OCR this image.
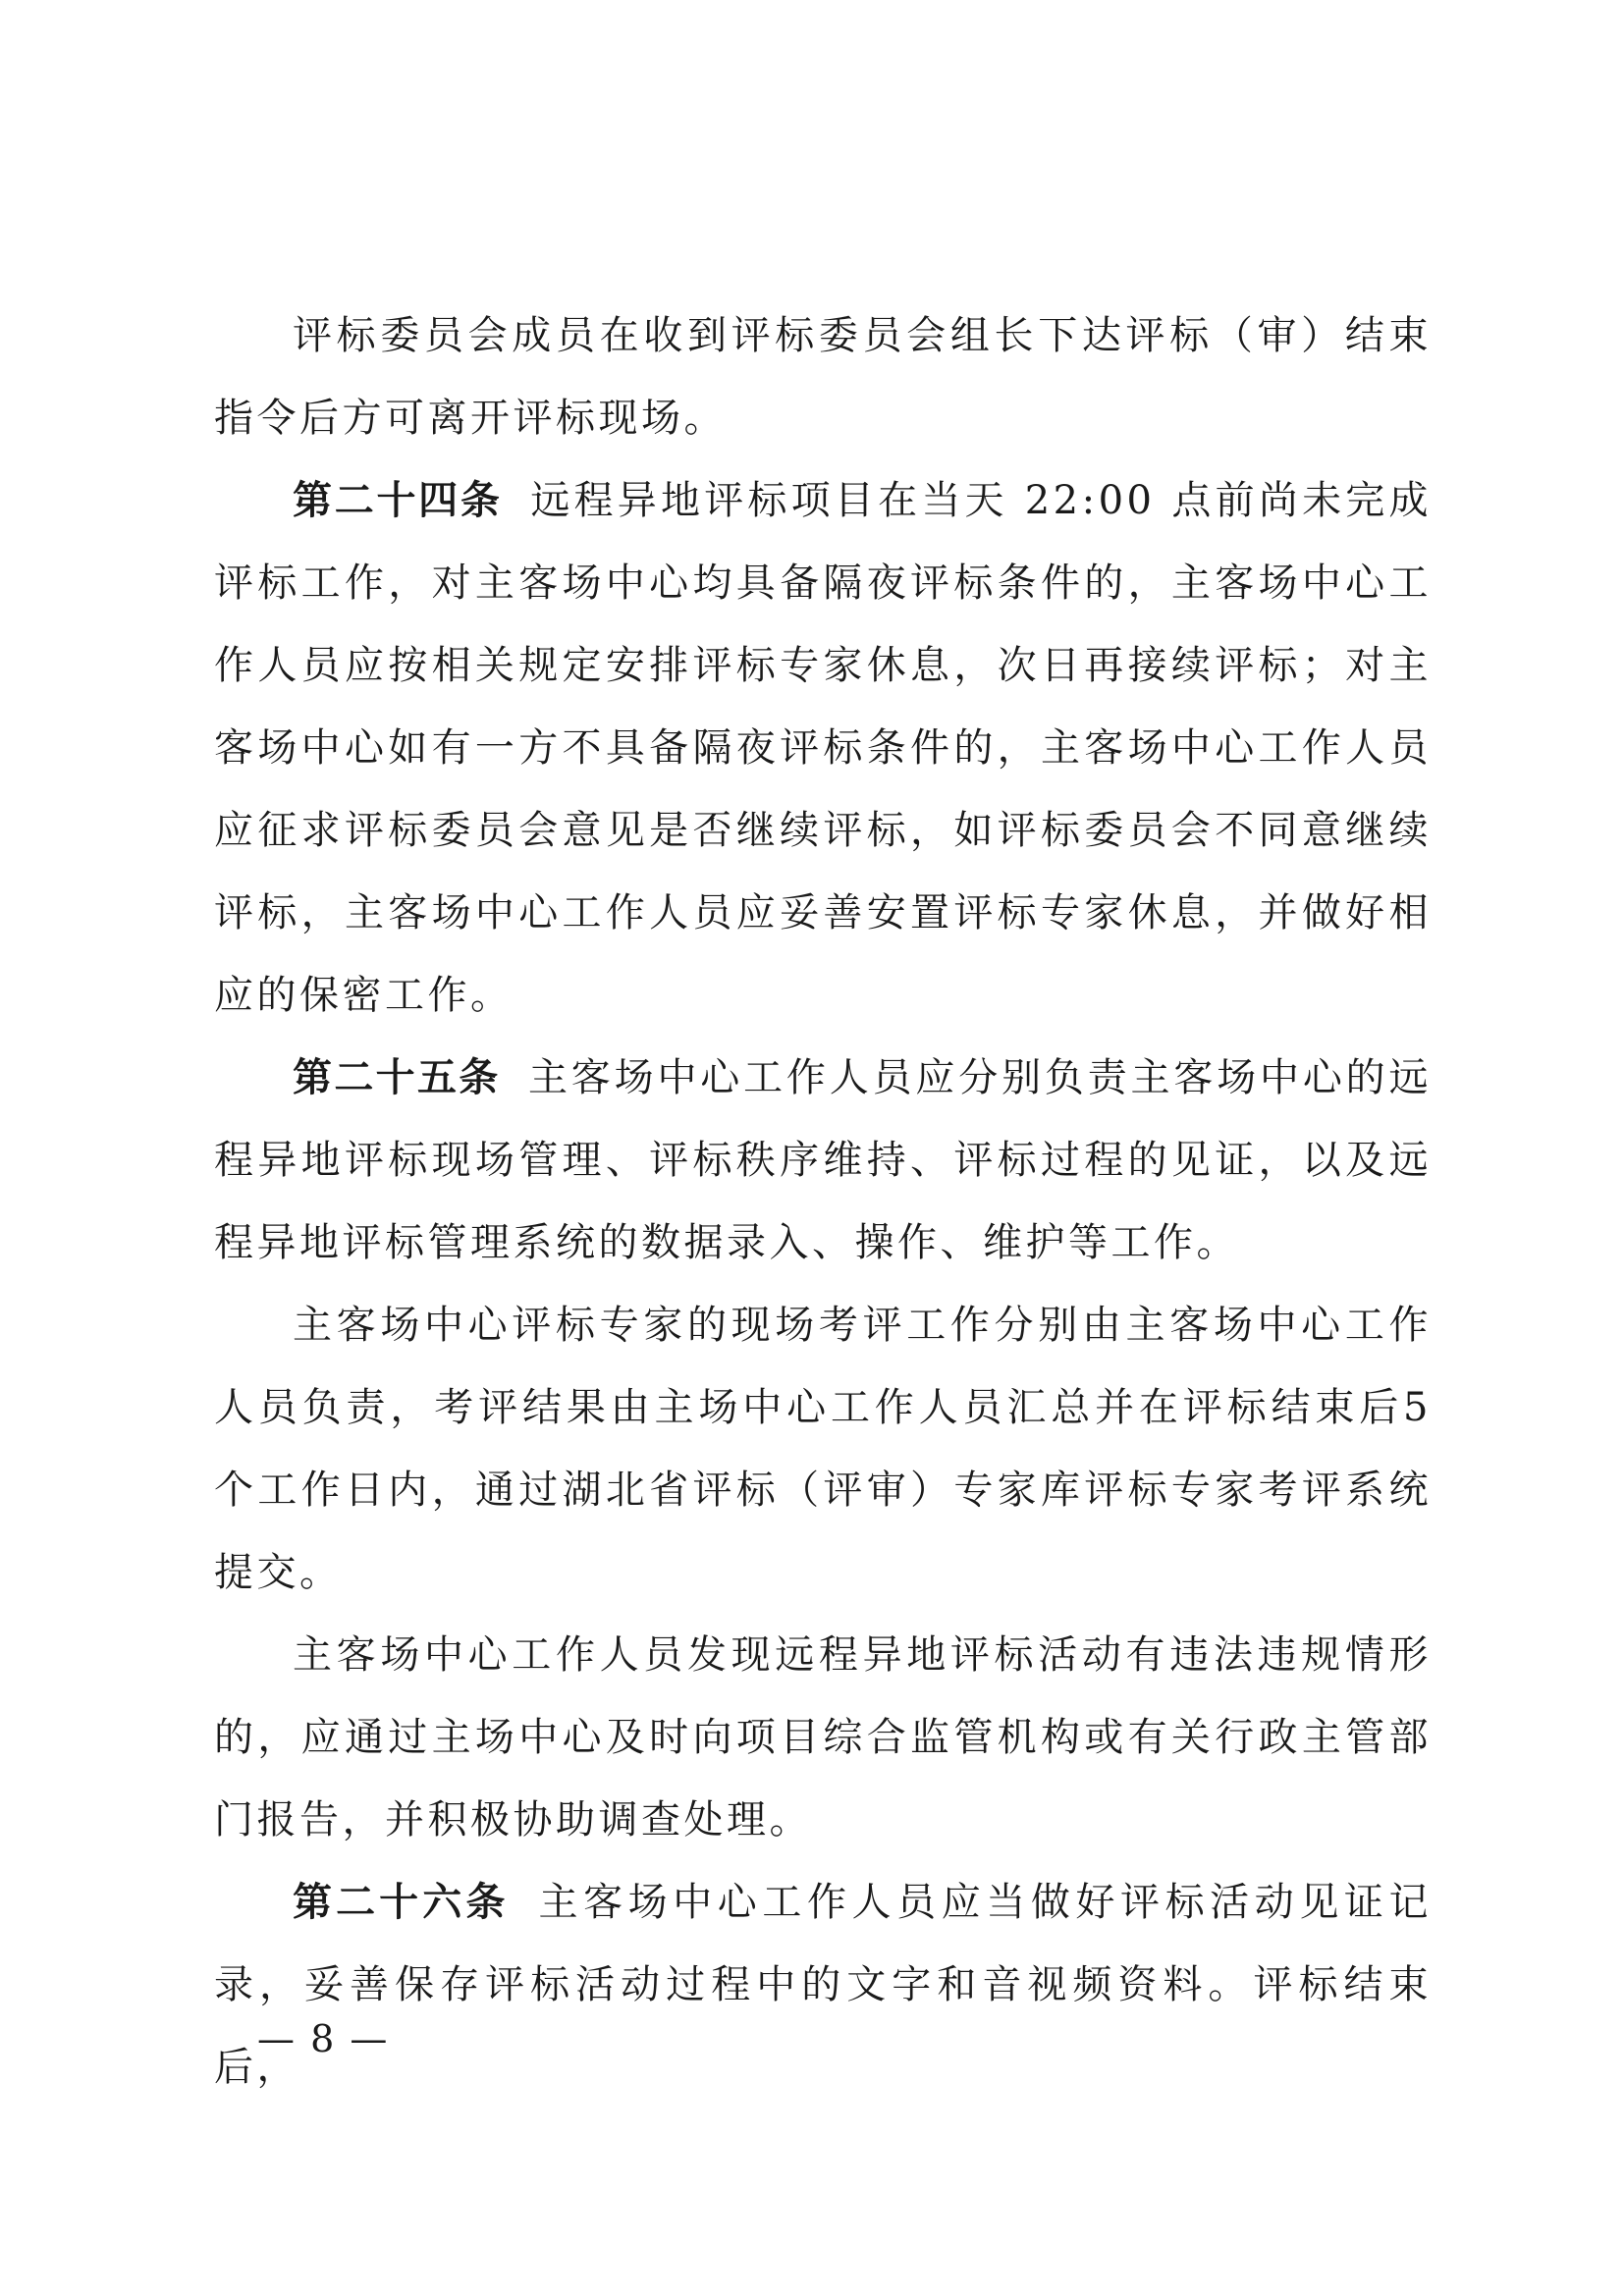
评标委员会成员在收到评标委员会组长下达评标（审）结束指令后方可离开评标现场。

第二十四条 远程异地评标项目在当天 22:00 点前尚未完成评标工作，对主客场中心均具备隔夜评标条件的，主客场中心工作人员应按相关规定安排评标专家休息，次日再接续评标；对主客场中心如有一方不具备隔夜评标条件的，主客场中心工作人员应征求评标委员会意见是否继续评标，如评标委员会不同意继续评标，主客场中心工作人员应妥善安置评标专家休息，并做好相应的保密工作。

第二十五条 主客场中心工作人员应分别负责主客场中心的远程异地评标现场管理、评标秩序维持、评标过程的见证，以及远程异地评标管理系统的数据录入、操作、维护等工作。

主客场中心评标专家的现场考评工作分别由主客场中心工作人员负责，考评结果由主场中心工作人员汇总并在评标结束后5个工作日内，通过湖北省评标（评审）专家库评标专家考评系统提交。

主客场中心工作人员发现远程异地评标活动有违法违规情形的，应通过主场中心及时向项目综合监管机构或有关行政主管部门报告，并积极协助调查处理。

第二十六条 主客场中心工作人员应当做好评标活动见证记录，妥善保存评标活动过程中的文字和音视频资料。评标结束后，

— 8 —
